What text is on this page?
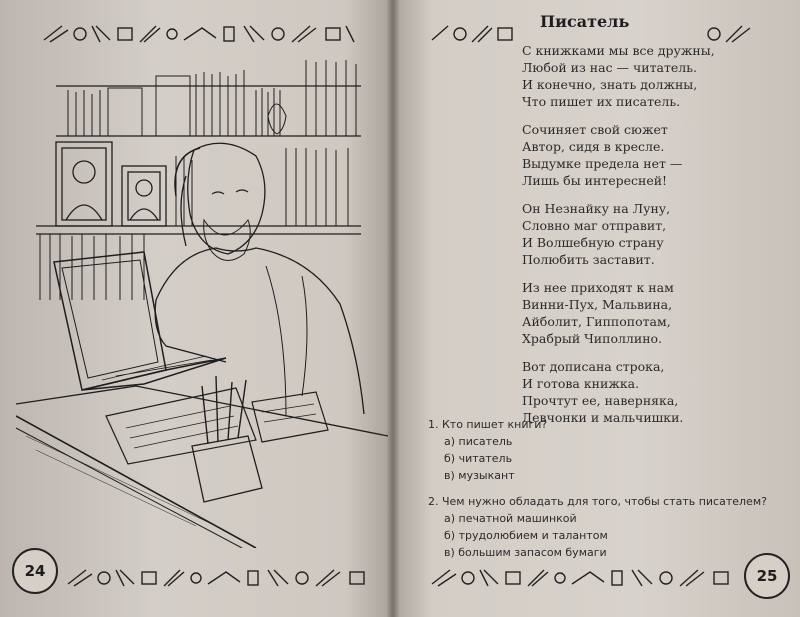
24	25
Писатель
С книжками мы все дружны,
Любой из нас — читатель.
И конечно, знать должны,
Что пишет их писатель.
Сочиняет свой сюжет
Автор, сидя в кресле.
Выдумке предела нет —
Лишь бы интересней!
Он Незнайку на Луну,
Словно маг отправит,
И Волшебную страну
Полюбить заставит.
Из нее приходят к нам
Винни-Пух, Мальвина,
Айболит, Гиппопотам,
Храбрый Чиполлино.
Вот дописана строка,
И готова книжка.
Прочтут ее, наверняка,
Девчонки и мальчишки.
1. Кто пишет книги?
а) писатель
б) читатель
в) музыкант
2. Чем нужно обладать для того, чтобы стать писателем?
а) печатной машинкой
б) трудолюбием и талантом
в) большим запасом бумаги
